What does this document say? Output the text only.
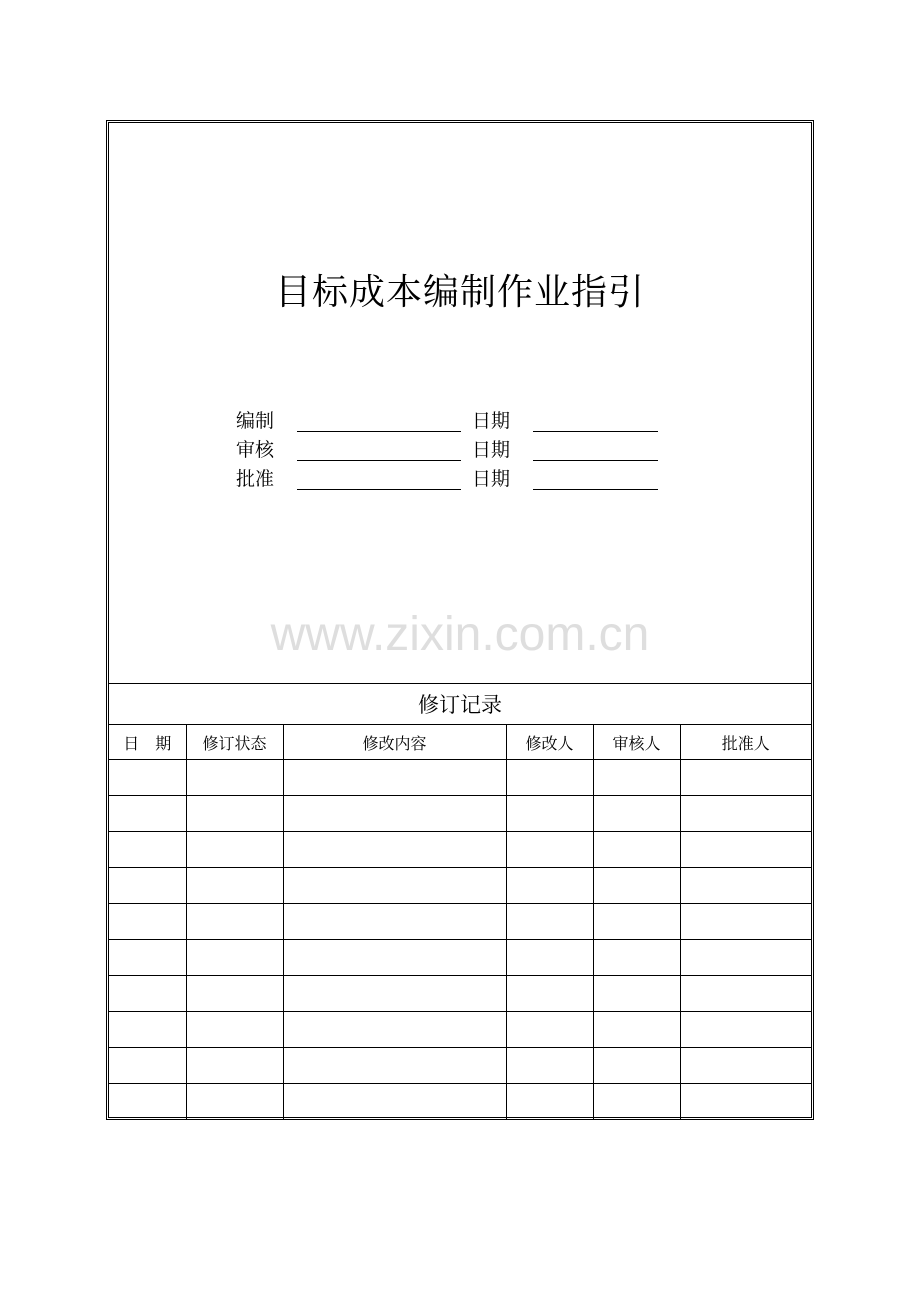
目标成本编制作业指引
编制	日期
审核	日期
批准	日期
www.zixin.com.cn
修订记录					
日　期	修订状态	修改内容	修改人	审核人	批准人
